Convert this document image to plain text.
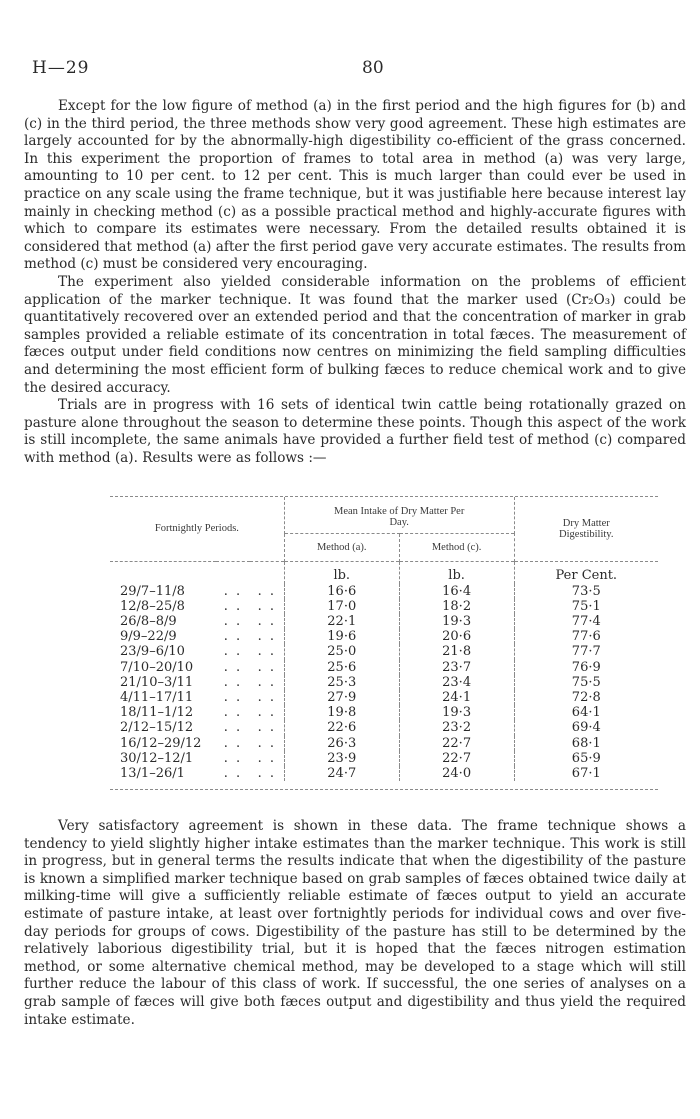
H—29	80

Except for the low figure of method (a) in the first period and the high figures for (b) and (c) in the third period, the three methods show very good agreement. These high estimates are largely accounted for by the abnormally-high digestibility co-efficient of the grass concerned. In this experiment the proportion of frames to total area in method (a) was very large, amounting to 10 per cent. to 12 per cent. This is much larger than could ever be used in practice on any scale using the frame technique, but it was justifiable here because interest lay mainly in checking method (c) as a possible practical method and highly-accurate figures with which to compare its estimates were necessary. From the detailed results obtained it is considered that method (a) after the first period gave very accurate estimates. The results from method (c) must be considered very encouraging.

The experiment also yielded considerable information on the problems of efficient application of the marker technique. It was found that the marker used (Cr₂O₃) could be quantitatively recovered over an extended period and that the concentration of marker in grab samples provided a reliable estimate of its concentration in total fæces. The measurement of fæces output under field conditions now centres on minimizing the field sampling difficulties and determining the most efficient form of bulking fæces to reduce chemical work and to give the desired accuracy.

Trials are in progress with 16 sets of identical twin cattle being rotationally grazed on pasture alone throughout the season to determine these points. Though this aspect of the work is still incomplete, the same animals have provided a further field test of method (c) compared with method (a). Results were as follows :—

Fortnightly Periods.			Mean Intake of Dry Matter Per Day.		Dry Matter Digestibility.
			Method (a).	Method (c).	

			lb.	lb.	Per Cent.
29/7–11/8	. .	. .	16·6	16·4	73·5
12/8–25/8	. .	. .	17·0	18·2	75·1
26/8–8/9	. .	. .	22·1	19·3	77·4
9/9–22/9	. .	. .	19·6	20·6	77·6
23/9–6/10	. .	. .	25·0	21·8	77·7
7/10–20/10	. .	. .	25·6	23·7	76·9
21/10–3/11	. .	. .	25·3	23·4	75·5
4/11–17/11	. .	. .	27·9	24·1	72·8
18/11–1/12	. .	. .	19·8	19·3	64·1
2/12–15/12	. .	. .	22·6	23·2	69·4
16/12–29/12	. .	. .	26·3	22·7	68·1
30/12–12/1	. .	. .	23·9	22·7	65·9
13/1–26/1	. .	. .	24·7	24·0	67·1

Very satisfactory agreement is shown in these data. The frame technique shows a tendency to yield slightly higher intake estimates than the marker technique. This work is still in progress, but in general terms the results indicate that when the digestibility of the pasture is known a simplified marker technique based on grab samples of fæces obtained twice daily at milking-time will give a sufficiently reliable estimate of fæces output to yield an accurate estimate of pasture intake, at least over fortnightly periods for individual cows and over five-day periods for groups of cows. Digestibility of the pasture has still to be determined by the relatively laborious digestibility trial, but it is hoped that the fæces nitrogen estimation method, or some alternative chemical method, may be developed to a stage which will still further reduce the labour of this class of work. If successful, the one series of analyses on a grab sample of fæces will give both fæces output and digestibility and thus yield the required intake estimate.
